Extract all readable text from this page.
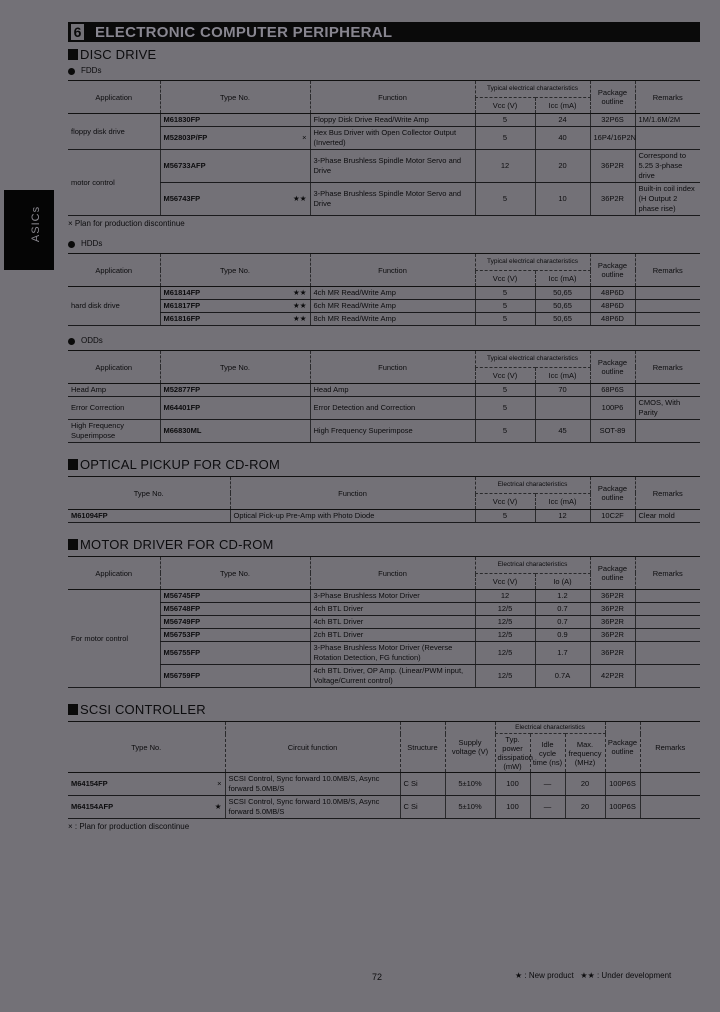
ASICs
6 ELECTRONIC COMPUTER PERIPHERAL
DISC DRIVE
FDDs
Application	Type No.	Function	Typical electrical characteristics		Package outline	Remarks
			Vcc (V)	Icc (mA)		
floppy disk drive	M61830FP	Floppy Disk Drive Read/Write Amp	5	24	32P6S	1M/1.6M/2M
	M52803P/FP ×	Hex Bus Driver with Open Collector Output (Inverted)	5	40	16P4/16P2N	
motor control	M56733AFP	3-Phase Brushless Spindle Motor Servo and Drive	12	20	36P2R	Correspond to 5.25 3-phase drive
	M56743FP ★★	3-Phase Brushless Spindle Motor Servo and Drive	5	10	36P2R	Built-in coil index (H Output 2 phase rise)
× Plan for production discontinue
HDDs
Application	Type No.	Function	Typical electrical characteristics		Package outline	Remarks
			Vcc (V)	Icc (mA)		
hard disk drive	M61814FP ★★	4ch MR Read/Write Amp	5	50,65	48P6D	
	M61817FP ★★	6ch MR Read/Write Amp	5	50,65	48P6D	
	M61816FP ★★	8ch MR Read/Write Amp	5	50,65	48P6D	
ODDs
Application	Type No.	Function	Typical electrical characteristics		Package outline	Remarks
			Vcc (V)	Icc (mA)		
Head Amp	M52877FP	Head Amp	5	70	68P6S	
Error Correction	M64401FP	Error Detection and Correction	5		100P6	CMOS, With Parity
High Frequency Superimpose	M66830ML	High Frequency Superimpose	5	45	SOT-89	
OPTICAL PICKUP FOR CD-ROM
Type No.	Function	Electrical characteristics		Package outline	Remarks
		Vcc (V)	Icc (mA)		
M61094FP	Optical Pick-up Pre-Amp with Photo Diode	5	12	10C2F	Clear mold
MOTOR DRIVER FOR CD-ROM
Application	Type No.	Function	Electrical characteristics		Package outline	Remarks
			Vcc (V)	Io (A)		
For motor control	M56745FP	3-Phase Brushless Motor Driver	12	1.2	36P2R	
	M56748FP	4ch BTL Driver	12/5	0.7	36P2R	
	M56749FP	4ch BTL Driver	12/5	0.7	36P2R	
	M56753FP	2ch BTL Driver	12/5	0.9	36P2R	
	M56755FP	3-Phase Brushless Motor Driver (Reverse Rotation Detection, FG function)	12/5	1.7	36P2R	
	M56759FP	4ch BTL Driver, OP Amp. (Linear/PWM input, Voltage/Current control)	12/5	0.7A	42P2R	
SCSI CONTROLLER
Type No.	Circuit function	Structure	Supply voltage (V)	Electrical characteristics			Package outline	Remarks
				Typ. power dissipation (mW)	Idle cycle time (ns)	Max. frequency (MHz)		
M64154FP ×	SCSI Control, Sync forward 10.0MB/S, Async forward 5.0MB/S	C Si	5±10%	100	—	20	100P6S	
M64154AFP ★	SCSI Control, Sync forward 10.0MB/S, Async forward 5.0MB/S	C Si	5±10%	100	—	20	100P6S	
× : Plan for production discontinue
72	★ : New product ★★ : Under development
